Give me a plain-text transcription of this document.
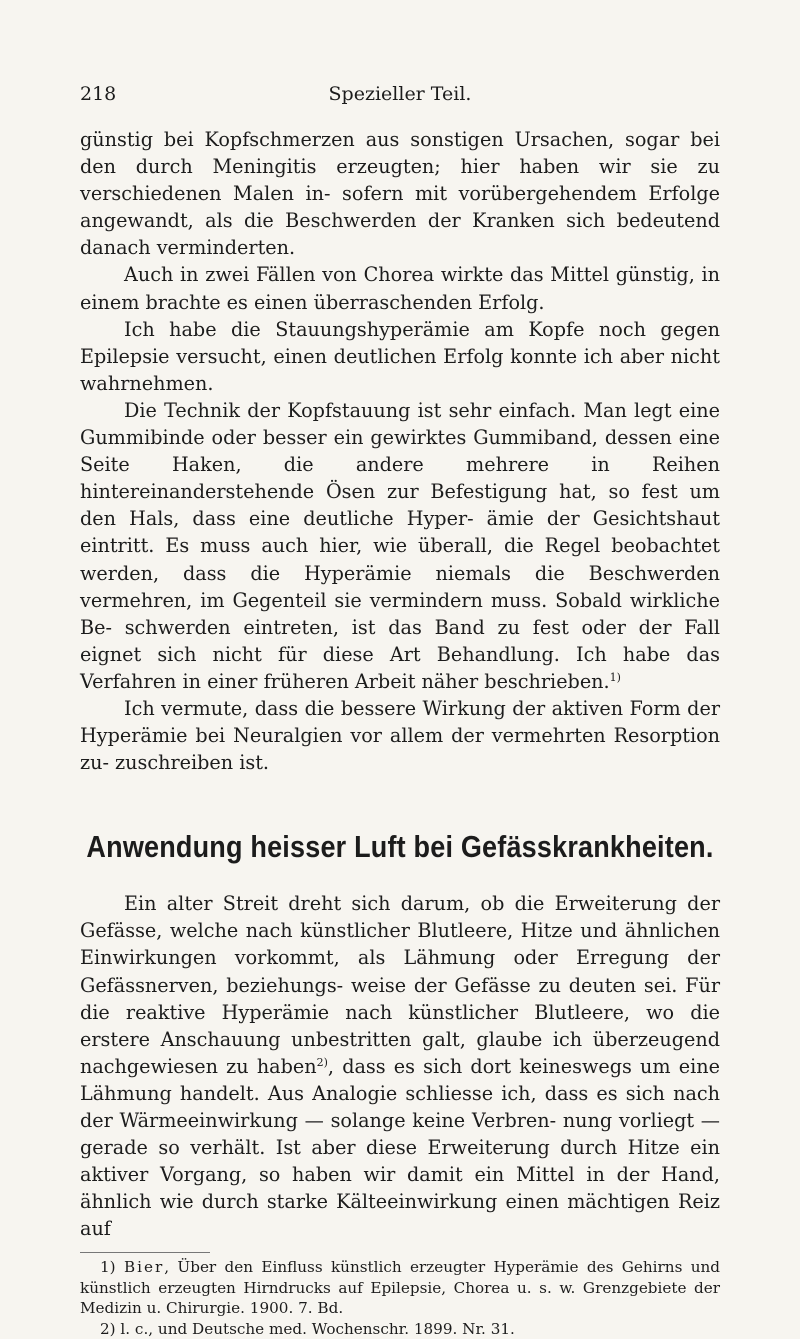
218	Spezieller Teil.

günstig bei Kopfschmerzen aus sonstigen Ursachen, sogar bei den durch Meningitis erzeugten; hier haben wir sie zu verschiedenen Malen in- sofern mit vorübergehendem Erfolge angewandt, als die Beschwerden der Kranken sich bedeutend danach verminderten.

Auch in zwei Fällen von Chorea wirkte das Mittel günstig, in einem brachte es einen überraschenden Erfolg.

Ich habe die Stauungshyperämie am Kopfe noch gegen Epilepsie versucht, einen deutlichen Erfolg konnte ich aber nicht wahrnehmen.

Die Technik der Kopfstauung ist sehr einfach. Man legt eine Gummibinde oder besser ein gewirktes Gummiband, dessen eine Seite Haken, die andere mehrere in Reihen hintereinanderstehende Ösen zur Befestigung hat, so fest um den Hals, dass eine deutliche Hyper- ämie der Gesichtshaut eintritt. Es muss auch hier, wie überall, die Regel beobachtet werden, dass die Hyperämie niemals die Beschwerden vermehren, im Gegenteil sie vermindern muss. Sobald wirkliche Be- schwerden eintreten, ist das Band zu fest oder der Fall eignet sich nicht für diese Art Behandlung. Ich habe das Verfahren in einer früheren Arbeit näher beschrieben.$^{1)}$

Ich vermute, dass die bessere Wirkung der aktiven Form der Hyperämie bei Neuralgien vor allem der vermehrten Resorption zu- zuschreiben ist.

Anwendung heisser Luft bei Gefässkrankheiten.

Ein alter Streit dreht sich darum, ob die Erweiterung der Gefässe, welche nach künstlicher Blutleere, Hitze und ähnlichen Einwirkungen vorkommt, als Lähmung oder Erregung der Gefässnerven, beziehungs- weise der Gefässe zu deuten sei. Für die reaktive Hyperämie nach künstlicher Blutleere, wo die erstere Anschauung unbestritten galt, glaube ich überzeugend nachgewiesen zu haben$^{2)}$, dass es sich dort keineswegs um eine Lähmung handelt. Aus Analogie schliesse ich, dass es sich nach der Wärmeeinwirkung — solange keine Verbren- nung vorliegt — gerade so verhält. Ist aber diese Erweiterung durch Hitze ein aktiver Vorgang, so haben wir damit ein Mittel in der Hand, ähnlich wie durch starke Kälteeinwirkung einen mächtigen Reiz auf

1) Bier, Über den Einfluss künstlich erzeugter Hyperämie des Gehirns und künstlich erzeugten Hirndrucks auf Epilepsie, Chorea u. s. w. Grenzgebiete der Medizin u. Chirurgie. 1900. 7. Bd.

2) l. c., und Deutsche med. Wochenschr. 1899. Nr. 31.
